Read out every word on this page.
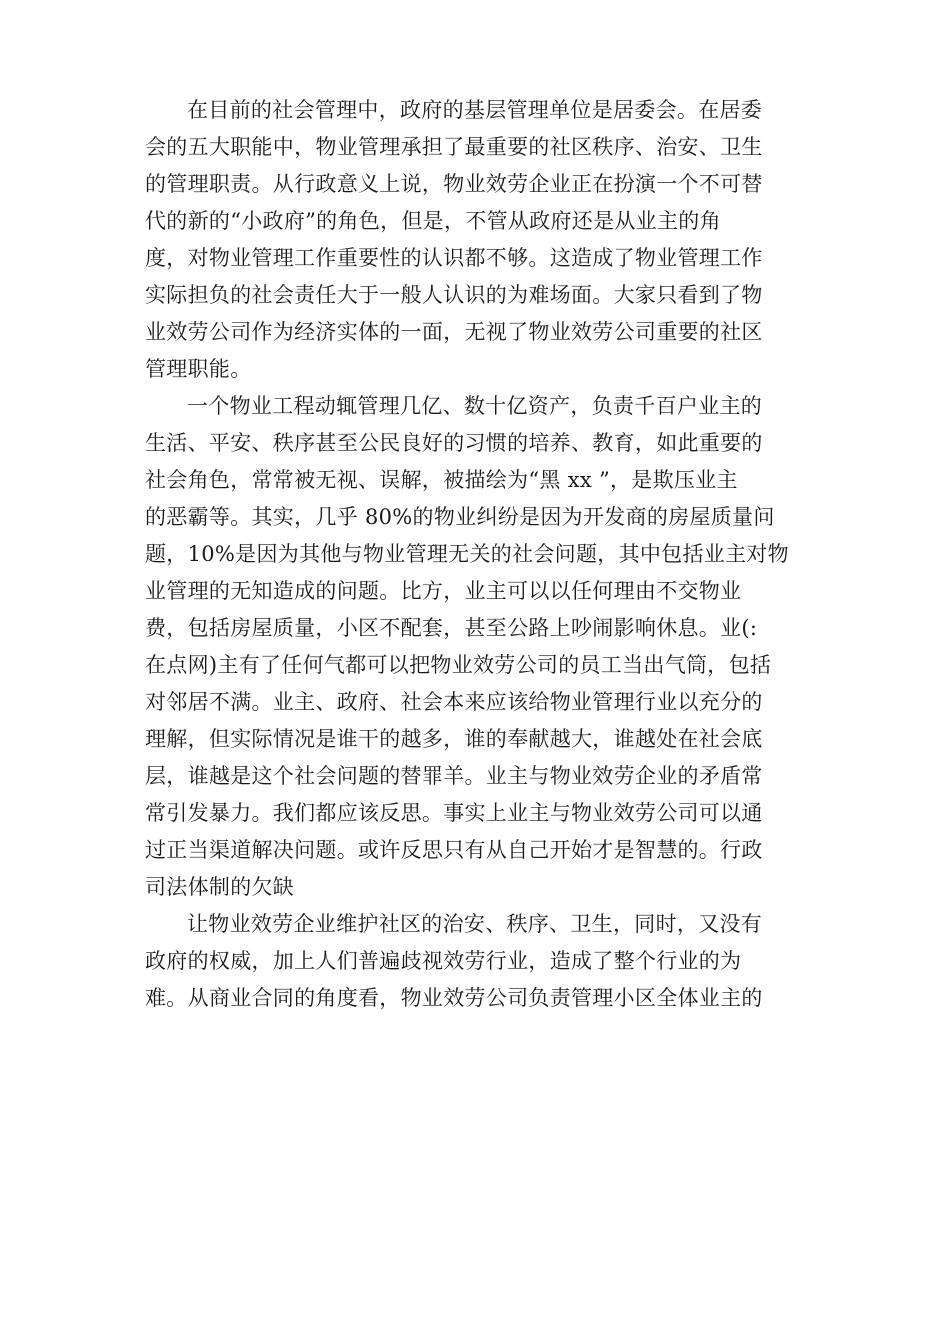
在目前的社会管理中，政府的基层管理单位是居委会。在居委
会的五大职能中，物业管理承担了最重要的社区秩序、治安、卫生
的管理职责。从行政意义上说，物业效劳企业正在扮演一个不可替
代的新的“小政府”的角色，但是，不管从政府还是从业主的角
度，对物业管理工作重要性的认识都不够。这造成了物业管理工作
实际担负的社会责任大于一般人认识的为难场面。大家只看到了物
业效劳公司作为经济实体的一面，无视了物业效劳公司重要的社区
管理职能。
一个物业工程动辄管理几亿、数十亿资产，负责千百户业主的
生活、平安、秩序甚至公民良好的习惯的培养、教育，如此重要的
社会角色，常常被无视、误解，被描绘为“黑 xx ”，是欺压业主
的恶霸等。其实，几乎 80%的物业纠纷是因为开发商的房屋质量问
题，10%是因为其他与物业管理无关的社会问题，其中包括业主对物
业管理的无知造成的问题。比方，业主可以以任何理由不交物业
费，包括房屋质量，小区不配套，甚至公路上吵闹影响休息。业(:
在点网)主有了任何气都可以把物业效劳公司的员工当出气筒，包括
对邻居不满。业主、政府、社会本来应该给物业管理行业以充分的
理解，但实际情况是谁干的越多，谁的奉献越大，谁越处在社会底
层，谁越是这个社会问题的替罪羊。业主与物业效劳企业的矛盾常
常引发暴力。我们都应该反思。事实上业主与物业效劳公司可以通
过正当渠道解决问题。或许反思只有从自己开始才是智慧的。行政
司法体制的欠缺
让物业效劳企业维护社区的治安、秩序、卫生，同时，又没有
政府的权威，加上人们普遍歧视效劳行业，造成了整个行业的为
难。从商业合同的角度看，物业效劳公司负责管理小区全体业主的
